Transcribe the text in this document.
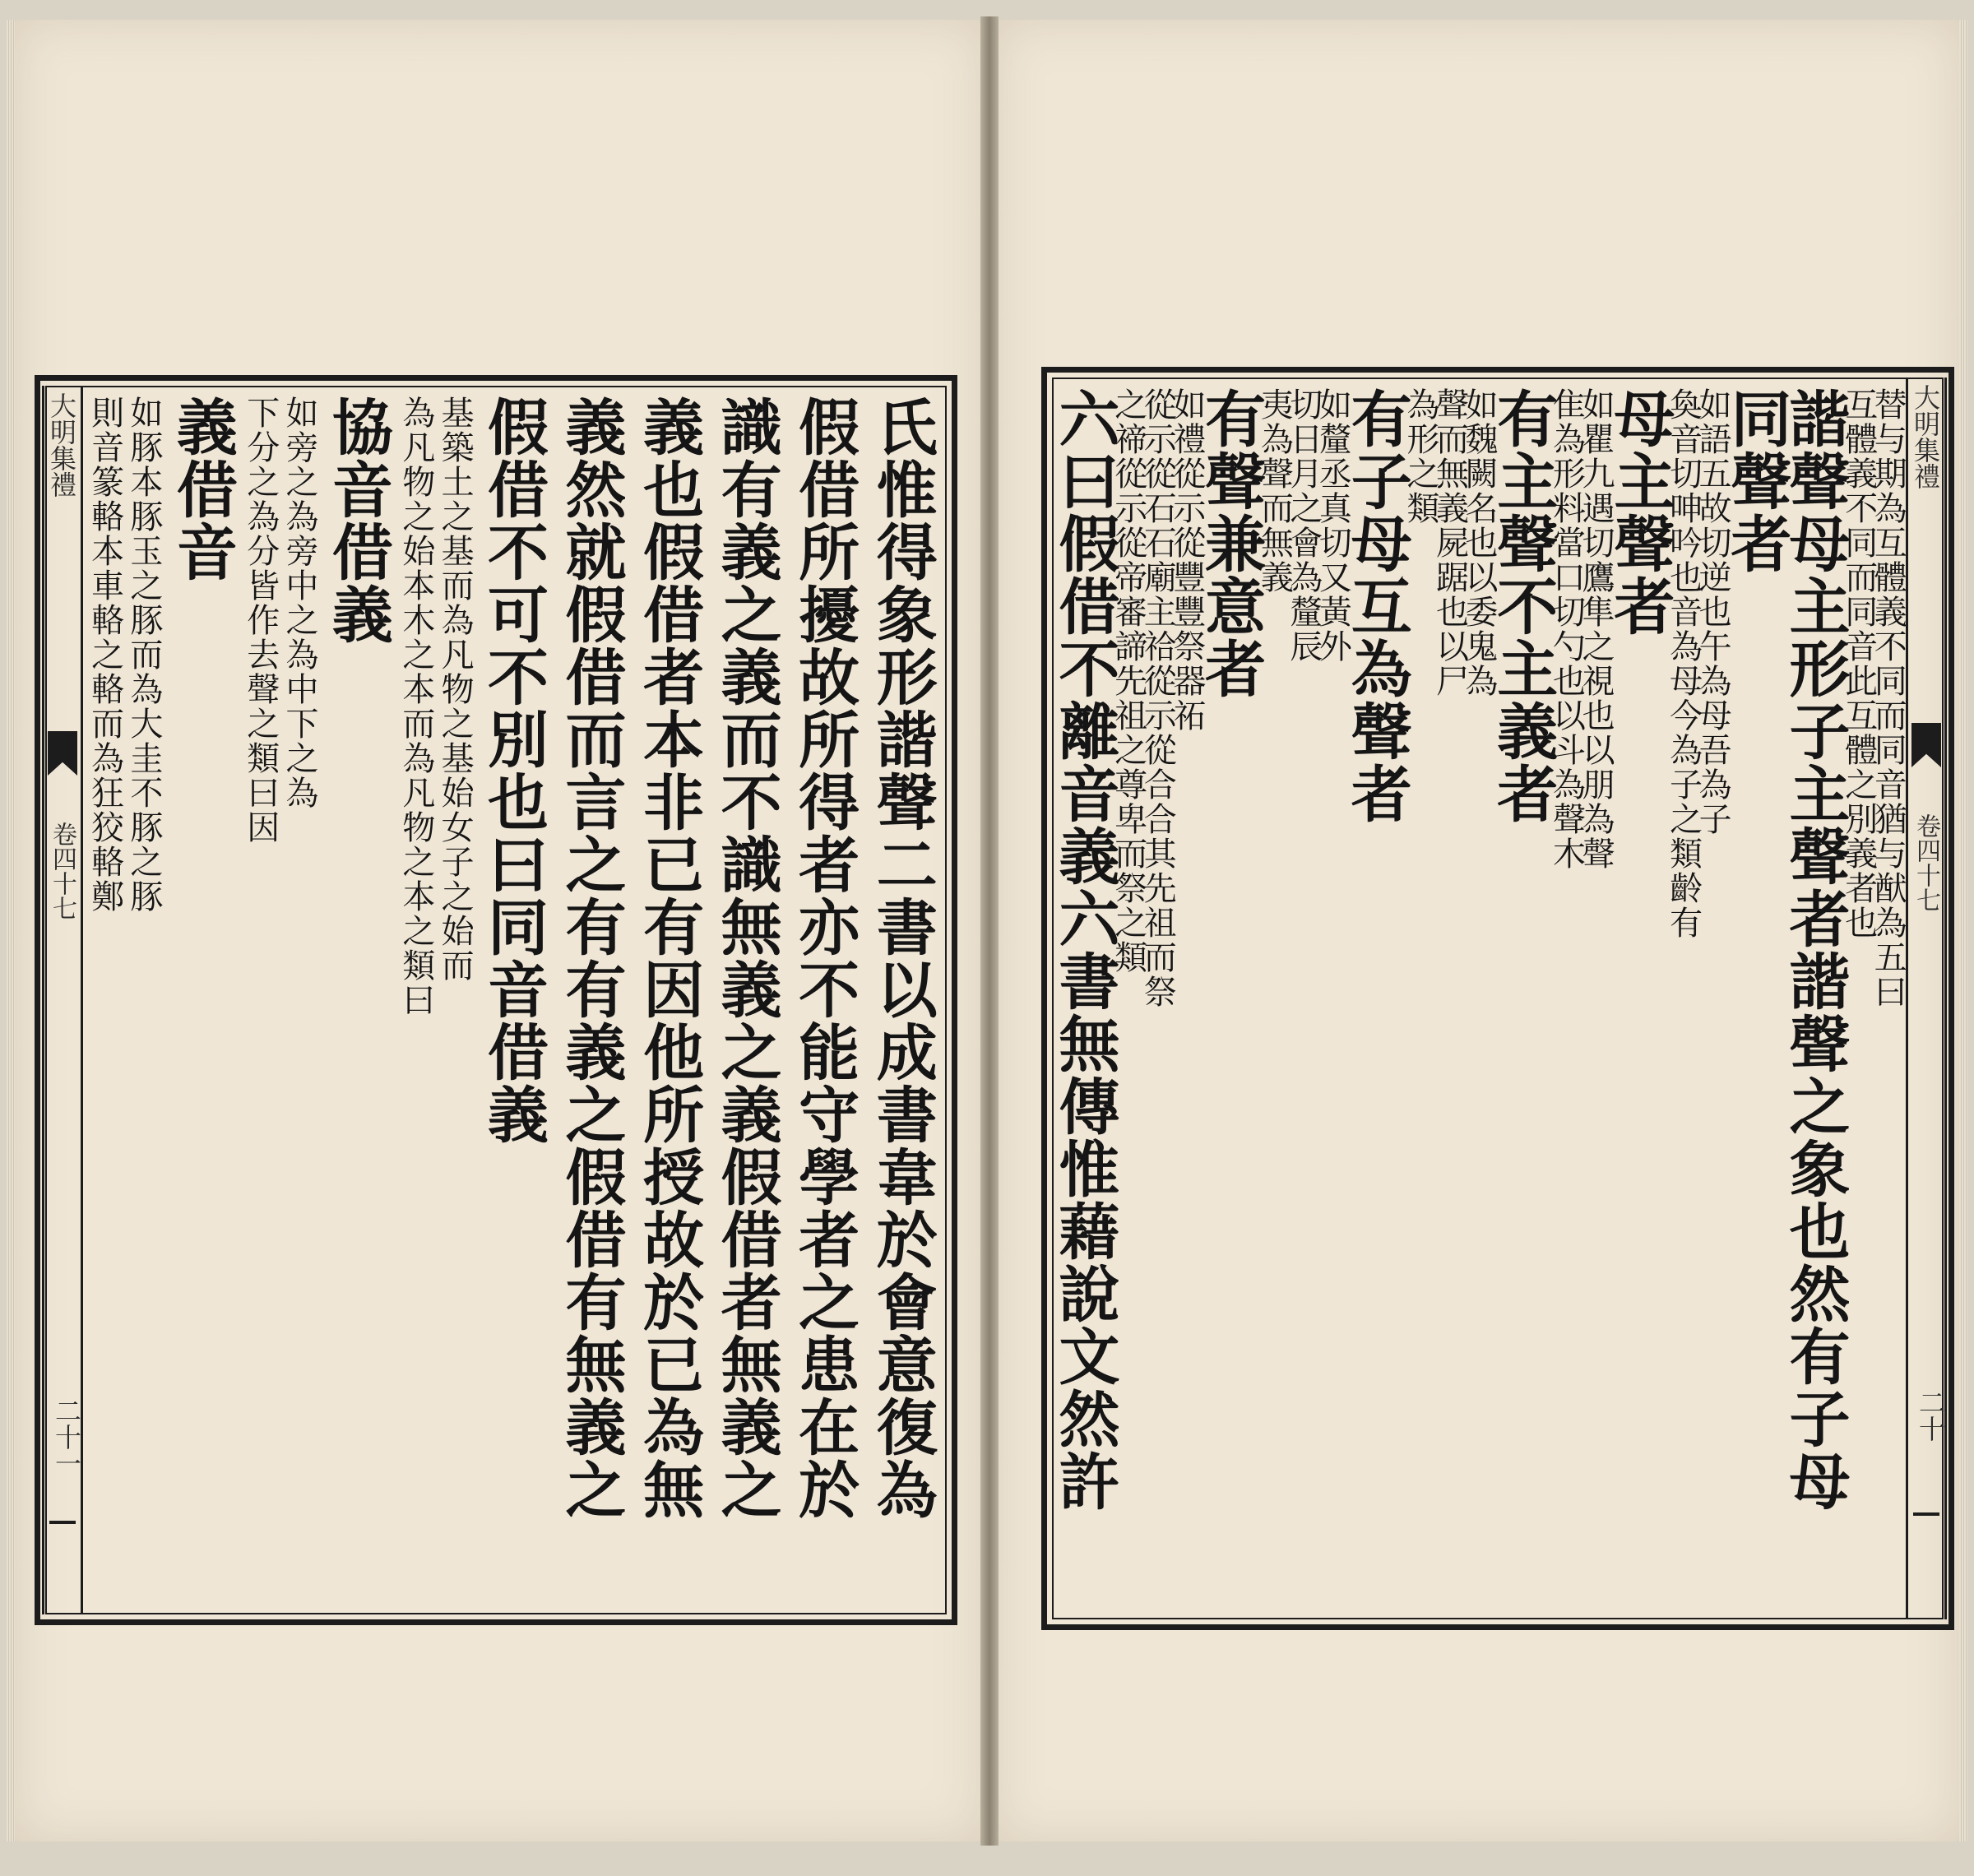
氏惟得象形諧聲二書以成書韋於會意復為
假借所擾故所得者亦不能守學者之患在於
識有義之義而不識無義之義假借者無義之
義也假借者本非已有因他所授故於已為無
義然就假借而言之有有義之假借有無義之
假借不可不別也曰同音借義
基築土之基而為凡物之基始女子之始而
為凡物之始本木之本而為凡物之本之類曰
協音借義
如旁之為旁中之為中下之為
下分之為分皆作去聲之類曰因
義借音
如豚本豚玉之豚而為大圭不豚之豚
則音篆輅本車輅之輅而為狂狡輅鄭
大明集禮
卷四十七
二十一
替与期為互體義不同而同音猶与猷為五曰
互體義不同而同音此互體之別義者也
諧聲母主形子主聲者諧聲之象也然有子母
同聲者
如語五故切逆也午為母吾為子
奐音切呻吟也音為母今為子之類齡有
母主聲者
如瞿九遇切鷹隼之視也以朋為聲
隹為形料當口切勺也以斗為聲木
有主聲不主義者
如魏闕名也以委鬼為
聲而無義屍踞也以尸
為形之類
有子母互為聲者
如釐丞真切又黃外
切日月之會為釐辰
夷為聲而無義
有聲兼意者
如禮從示從豐豐祭器祏
從示從石石廟主祫從示從合合其先祖而祭
之禘從示從帝審諦先祖之尊卑而祭之類
六曰假借不離音義六書無傳惟藉說文然許	大明集禮
卷四十七
二十
